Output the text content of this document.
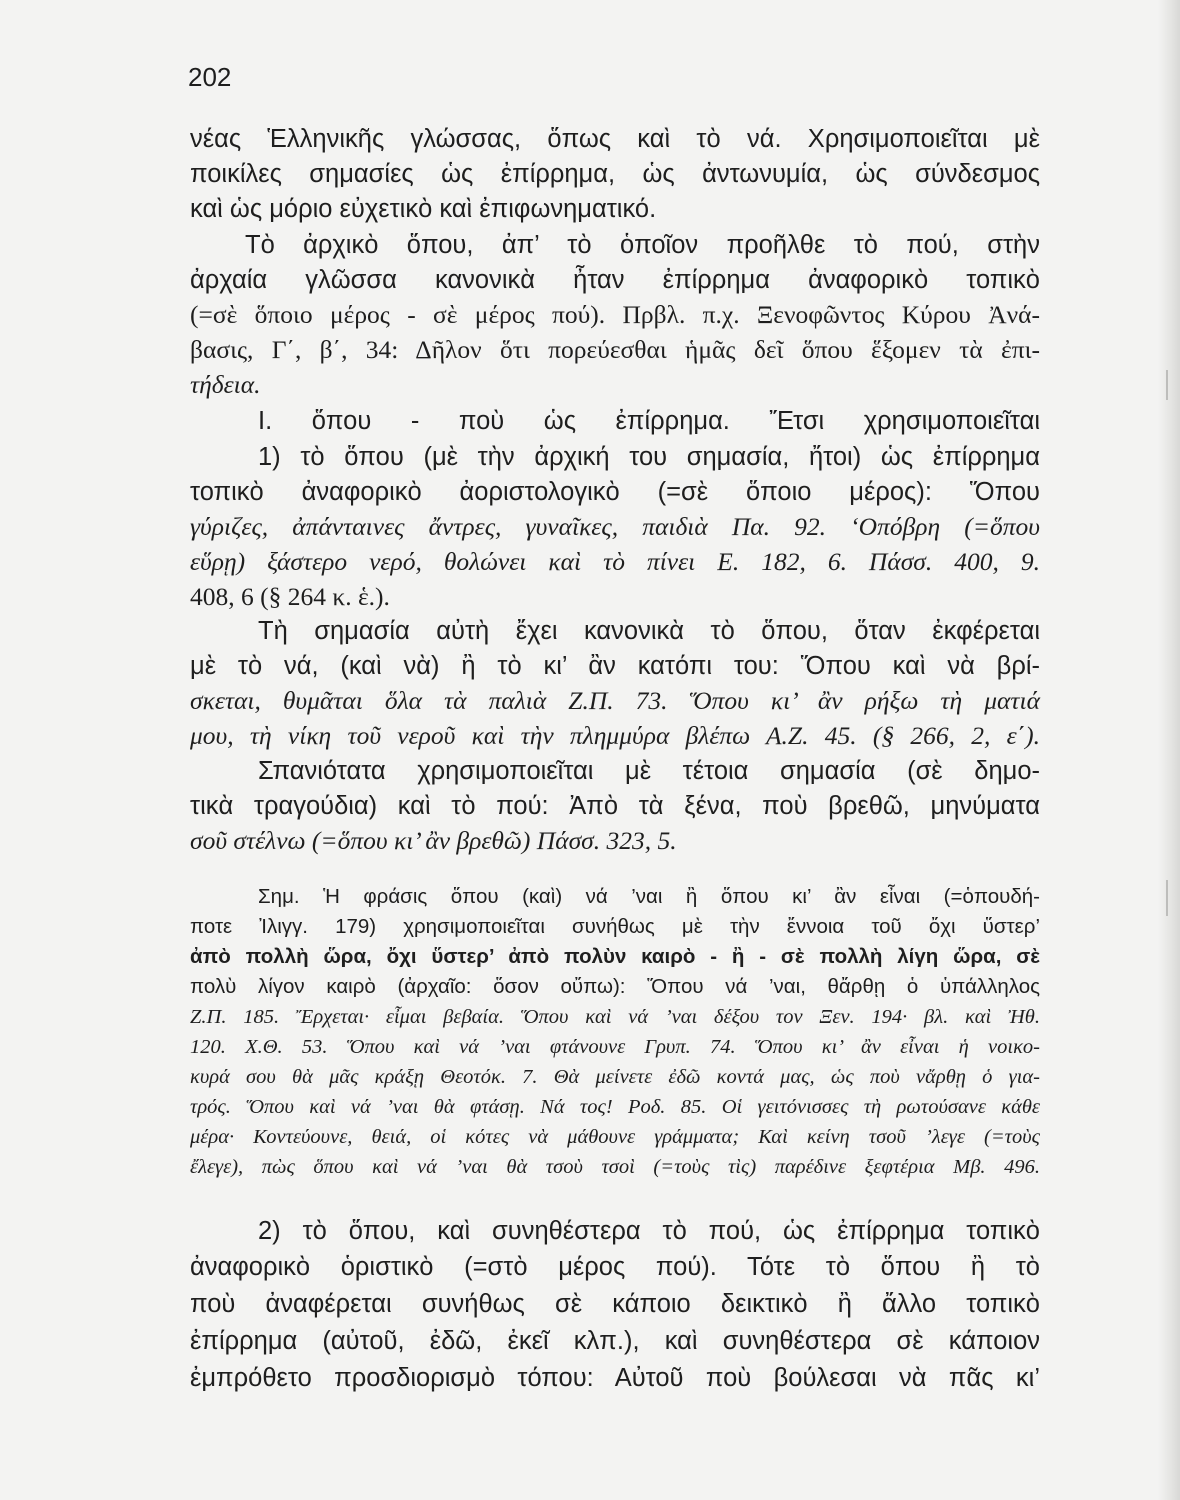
202

νέας Ἑλληνικῆς γλώσσας, ὅπως καὶ τὸ νά. Χρησιμοποιεῖται μὲ

ποικίλες σημασίες ὡς ἐπίρρημα, ὡς ἀντωνυμία, ὡς σύνδεσμος

καὶ ὡς μόριο εὐχετικὸ καὶ ἐπιφωνηματικό.

Τὸ ἀρχικὸ ὅπου, ἀπ’ τὸ ὁποῖον προῆλθε τὸ πού, στὴν

ἀρχαία γλῶσσα κανονικὰ ἦταν ἐπίρρημα ἀναφορικὸ τοπικὸ

(=σὲ ὅποιο μέρος - σὲ μέρος πού). Πρβλ. π.χ. Ξενοφῶντος Κύρου Ἀνά-

βασις, Γ΄, β΄, 34: Δῆλον ὅτι πορεύεσθαι ἡμᾶς δεῖ ὅπου ἕξομεν τὰ ἐπι-

τήδεια.

Ι. ὅπου - ποὺ ὡς ἐπίρρημα. Ἔτσι χρησιμοποιεῖται

1) τὸ ὅπου (μὲ τὴν ἀρχική του σημασία, ἤτοι) ὡς ἐπίρρημα

τοπικὸ ἀναφορικὸ ἀοριστολογικὸ (=σὲ ὅποιο μέρος): Ὅπου

γύριζες, ἀπάνταινες ἄντρες, γυναῖκες, παιδιὰ Πα. 92. ‘Οπόβρη (=ὅπου

εὕρῃ) ξάστερο νερό, θολώνει καὶ τὸ πίνει Ε. 182, 6. Πάσσ. 400, 9.

408, 6 (§ 264 κ. ἑ.).

Τὴ σημασία αὐτὴ ἔχει κανονικὰ τὸ ὅπου, ὅταν ἐκφέρεται

μὲ τὸ νά, (καὶ νὰ) ἢ τὸ κι’ ἂν κατόπι του: Ὅπου καὶ νὰ βρί-

σκεται, θυμᾶται ὅλα τὰ παλιὰ Ζ.Π. 73. Ὅπου κι’ ἂν ρήξω τὴ ματιά

μου, τὴ νίκη τοῦ νεροῦ καὶ τὴν πλημμύρα βλέπω Α.Ζ. 45. (§ 266, 2, ε΄).

Σπανιότατα χρησιμοποιεῖται μὲ τέτοια σημασία (σὲ δημο-

τικὰ τραγούδια) καὶ τὸ πού: Ἀπὸ τὰ ξένα, ποὺ βρεθῶ, μηνύματα

σοῦ στέλνω (=ὅπου κι’ ἂν βρεθῶ) Πάσσ. 323, 5.

Σημ. Ἡ φράσις ὅπου (καὶ) νά ’ναι ἢ ὅπου κι’ ἂν εἶναι (=ὁπουδή-

ποτε Ἰλιγγ. 179) χρησιμοποιεῖται συνήθως μὲ τὴν ἔννοια τοῦ ὄχι ὕστερ’

ἀπὸ πολλὴ ὥρα, ὄχι ὕστερ’ ἀπὸ πολὺν καιρὸ - ἢ - σὲ πολλὴ λίγη ὥρα, σὲ

πολὺ λίγον καιρὸ (ἀρχαῖο: ὅσον οὔπω): Ὅπου νά ’ναι, θἄρθῃ ὁ ὑπάλληλος

Ζ.Π. 185. Ἔρχεται· εἶμαι βεβαία. Ὅπου καὶ νά ’ναι δέξου τον Ξεν. 194· βλ. καὶ Ἠθ.

120. Χ.Θ. 53. Ὅπου καὶ νά ’ναι φτάνουνε Γρυπ. 74. Ὅπου κι’ ἂν εἶναι ἡ νοικο-

κυρά σου θὰ μᾶς κράξῃ Θεοτόκ. 7. Θὰ μείνετε ἐδῶ κοντά μας, ὡς ποὺ νἄρθῃ ὁ για-

τρός. Ὅπου καὶ νά ’ναι θὰ φτάσῃ. Νά τος! Ροδ. 85. Οἱ γειτόνισσες τὴ ρωτούσανε κάθε

μέρα· Κοντεύουνε, θειά, οἱ κότες νὰ μάθουνε γράμματα; Καὶ κείνη τσοῦ ’λεγε (=τοὺς

ἔλεγε), πὼς ὅπου καὶ νά ’ναι θὰ τσοὺ τσοὶ (=τοὺς τὶς) παρέδινε ξεφτέρια Μβ. 496.

2) τὸ ὅπου, καὶ συνηθέστερα τὸ πού, ὡς ἐπίρρημα τοπικὸ

ἀναφορικὸ ὁριστικὸ (=στὸ μέρος πού). Τότε τὸ ὅπου ἢ τὸ

ποὺ ἀναφέρεται συνήθως σὲ κάποιο δεικτικὸ ἢ ἄλλο τοπικὸ

ἐπίρρημα (αὐτοῦ, ἐδῶ, ἐκεῖ κλπ.), καὶ συνηθέστερα σὲ κάποιον

ἐμπρόθετο προσδιορισμὸ τόπου: Αὐτοῦ ποὺ βούλεσαι νὰ πᾶς κι’
